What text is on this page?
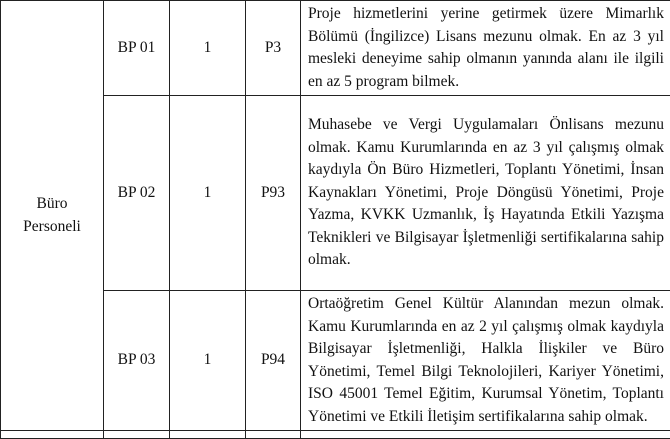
Büro
Personeli	BP 01	1	P3	Proje hizmetlerini yerine getirmek üzere Mimarlık Bölümü (İngilizce) Lisans mezunu olmak. En az 3 yıl mesleki deneyime sahip olmanın yanında alanı ile ilgili en az 5 program bilmek.

	BP 02	1	P93	Muhasebe ve Vergi Uygulamaları Önlisans mezunu olmak. Kamu Kurumlarında en az 3 yıl çalışmış olmak kaydıyla Ön Büro Hizmetleri, Toplantı Yönetimi, İnsan Kaynakları Yönetimi, Proje Döngüsü Yönetimi, Proje Yazma, KVKK Uzmanlık, İş Hayatında Etkili Yazışma Teknikleri ve Bilgisayar İşletmenliği sertifikalarına sahip olmak.

	BP 03	1	P94	Ortaöğretim Genel Kültür Alanından mezun olmak. Kamu Kurumlarında en az 2 yıl çalışmış olmak kaydıyla Bilgisayar İşletmenliği, Halkla İlişkiler ve Büro Yönetimi, Temel Bilgi Teknolojileri, Kariyer Yönetimi, ISO 45001 Temel Eğitim, Kurumsal Yönetim, Toplantı Yönetimi ve Etkili İletişim sertifikalarına sahip olmak.
